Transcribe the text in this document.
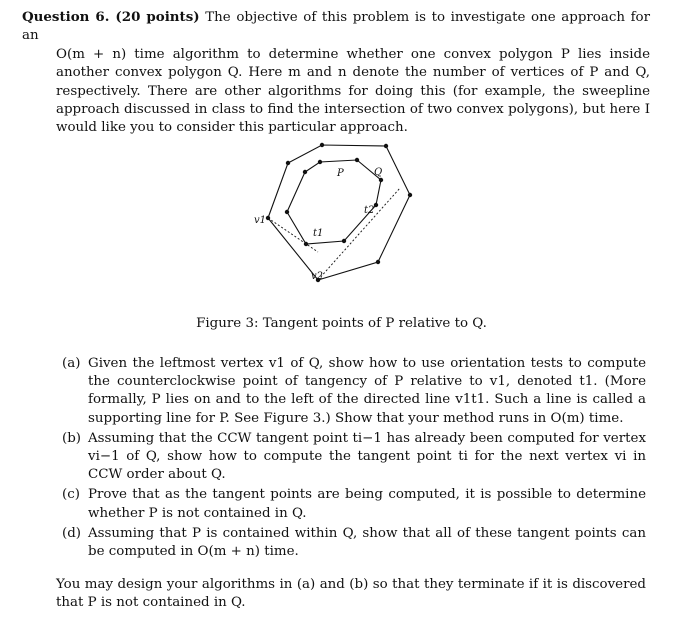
Question 6. (20 points) The objective of this problem is to investigate one approach for an
O(m + n) time algorithm to determine whether one convex polygon P lies inside another convex polygon Q. Here m and n denote the number of vertices of P and Q, respectively. There are other algorithms for doing this (for example, the sweepline approach discussed in class to find the intersection of two convex polygons), but here I would like you to consider this particular approach.
P	Q
v1
v2
t1
t2
Figure 3: Tangent points of P relative to Q.
(a) Given the leftmost vertex v1 of Q, show how to use orientation tests to compute the counterclockwise point of tangency of P relative to v1, denoted t1. (More formally, P lies on and to the left of the directed line v1t1. Such a line is called a supporting line for P. See Figure 3.) Show that your method runs in O(m) time.
(b) Assuming that the CCW tangent point ti−1 has already been computed for vertex vi−1 of Q, show how to compute the tangent point ti for the next vertex vi in CCW order about Q.
(c) Prove that as the tangent points are being computed, it is possible to determine whether P is not contained in Q.
(d) Assuming that P is contained within Q, show that all of these tangent points can be computed in O(m + n) time.
You may design your algorithms in (a) and (b) so that they terminate if it is discovered that P is not contained in Q.
